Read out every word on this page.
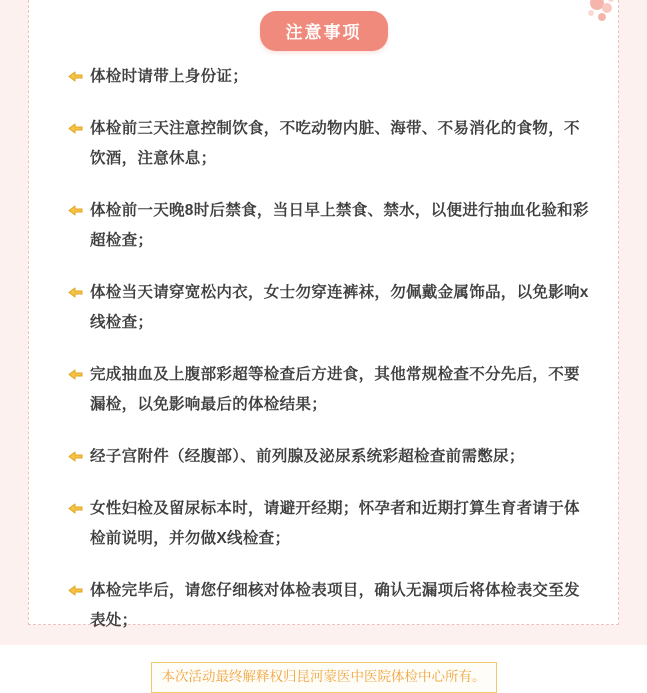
注意事项
体检时请带上身份证；
体检前三天注意控制饮食，不吃动物内脏、海带、不易消化的食物，不饮酒，注意休息；
体检前一天晚8时后禁食，当日早上禁食、禁水，以便进行抽血化验和彩超检查；
体检当天请穿宽松内衣，女士勿穿连裤袜，勿佩戴金属饰品，以免影响x线检查；
完成抽血及上腹部彩超等检查后方进食，其他常规检查不分先后，不要漏检，以免影响最后的体检结果；
经子宫附件（经腹部）、前列腺及泌尿系统彩超检查前需憋尿；
女性妇检及留尿标本时，请避开经期；怀孕者和近期打算生育者请于体检前说明，并勿做X线检查；
体检完毕后，请您仔细核对体检表项目，确认无漏项后将体检表交至发表处；
本次活动最终解释权归昆河蒙医中医院体检中心所有。
